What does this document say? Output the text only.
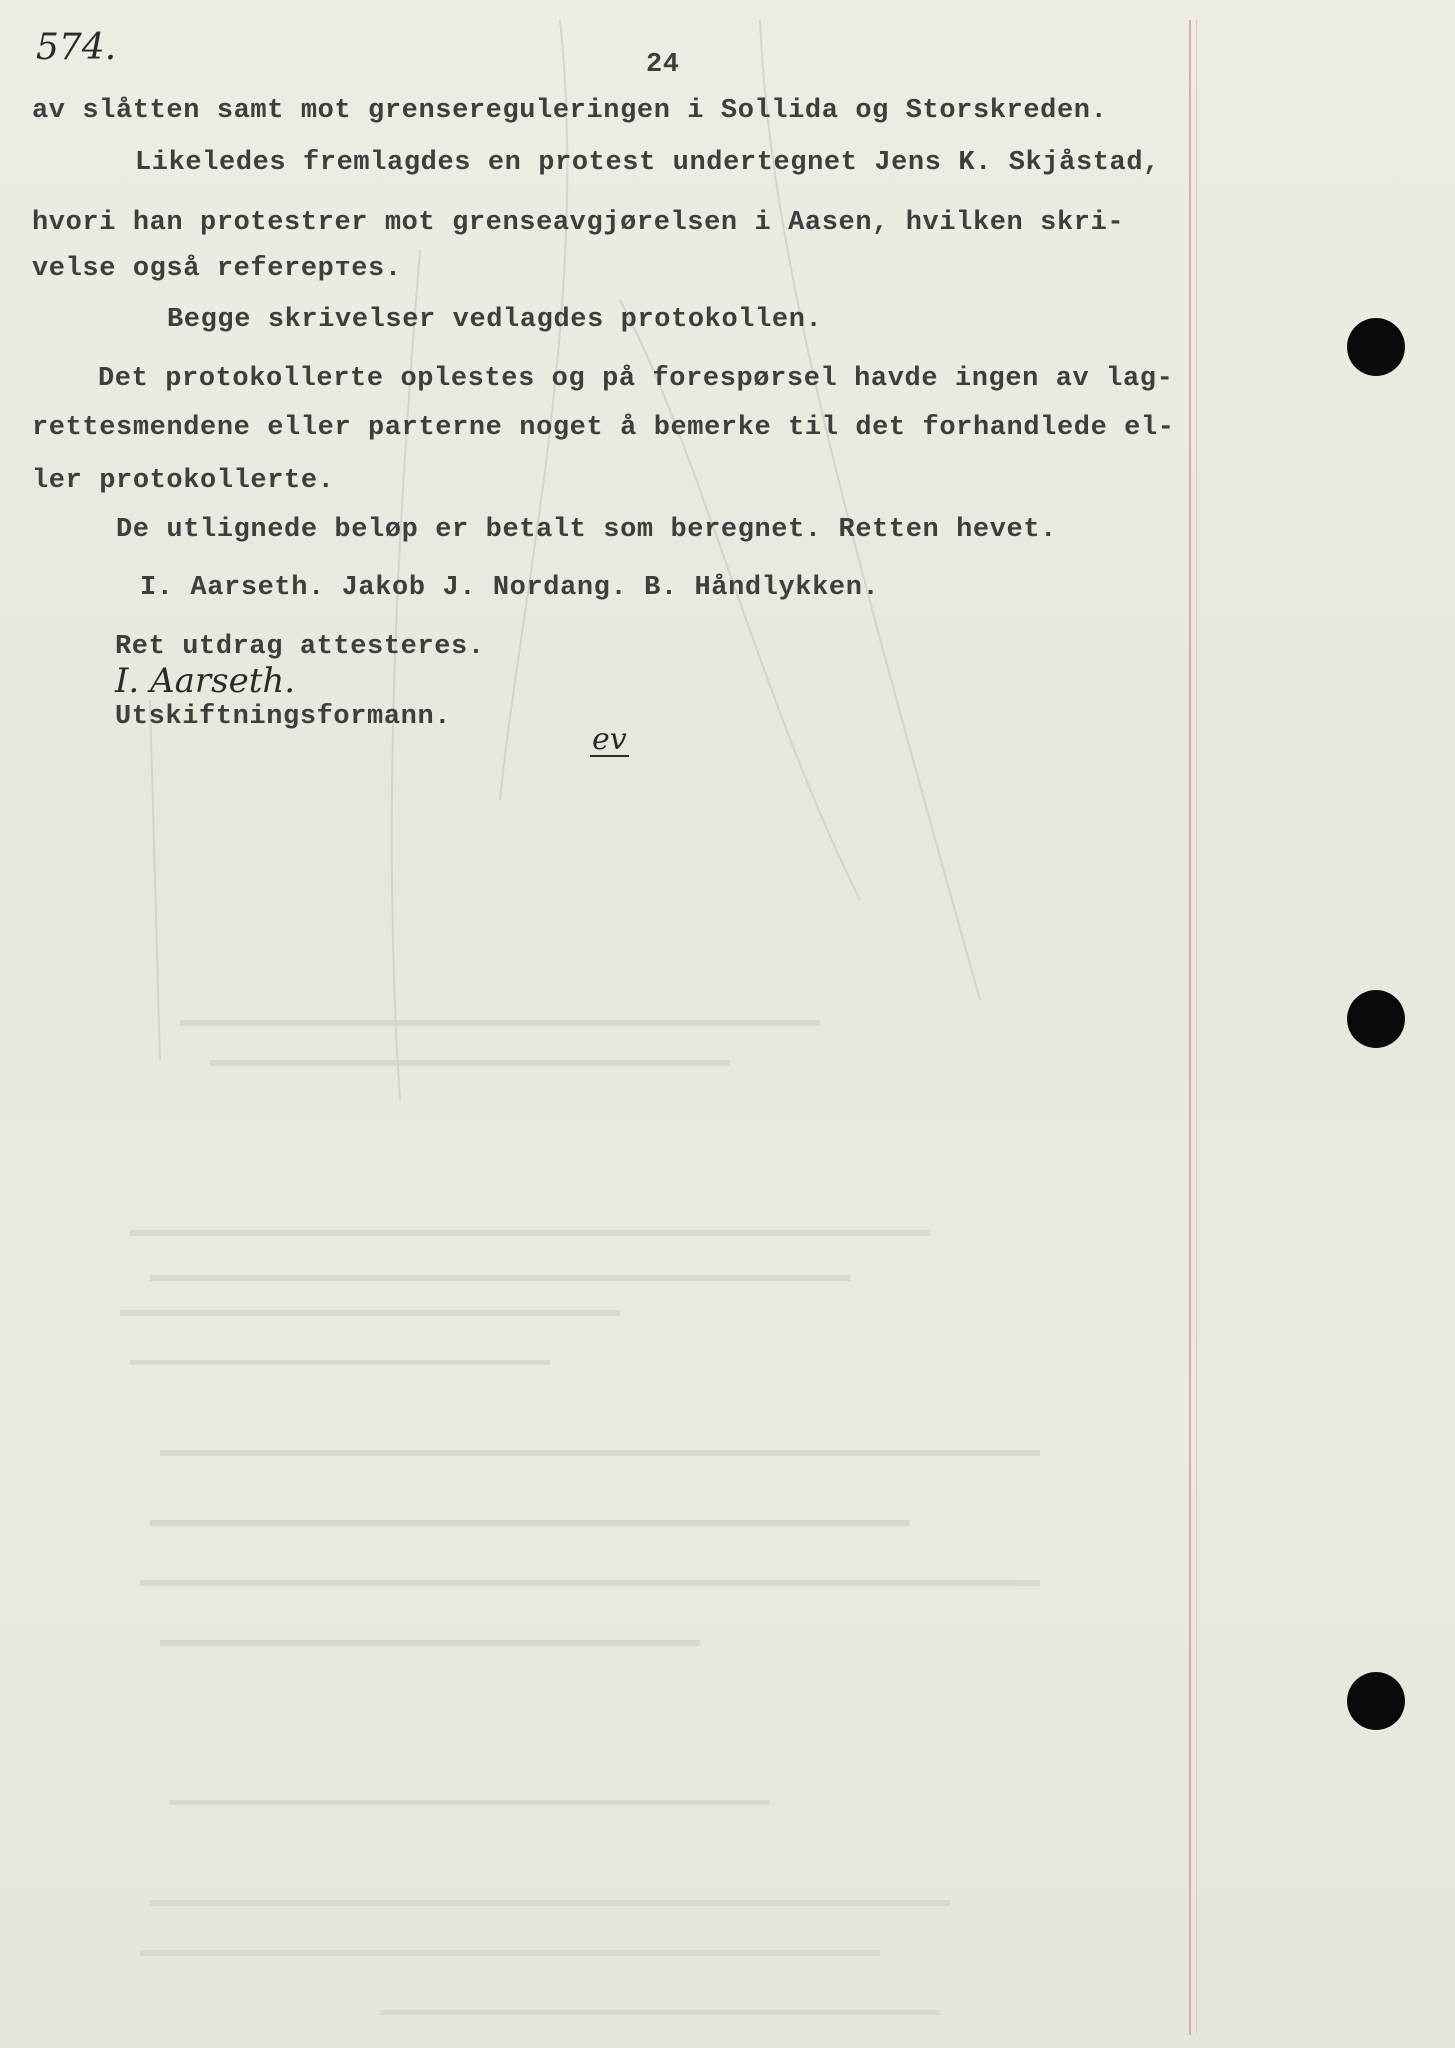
574.	24
av slåtten samt mot grensereguleringen i Sollida og Storskreden.
Likeledes fremlagdes en protest undertegnet Jens K. Skjåstad,
hvori han protestrer mot grenseavgjørelsen i Aasen, hvilken skri-
velse også refereртes.
Begge skrivelser vedlagdes protokollen.
Det protokollerte oplestes og på forespørsel havde ingen av lag-
rettesmendene eller parterne noget å bemerke til det forhandlede el-
ler protokollerte.
De utlignede beløp er betalt som beregnet. Retten hevet.
I. Aarseth. Jakob J. Nordang. B. Håndlykken.
Ret utdrag attesteres.
I. Aarseth.
Utskiftningsformann.
ev
